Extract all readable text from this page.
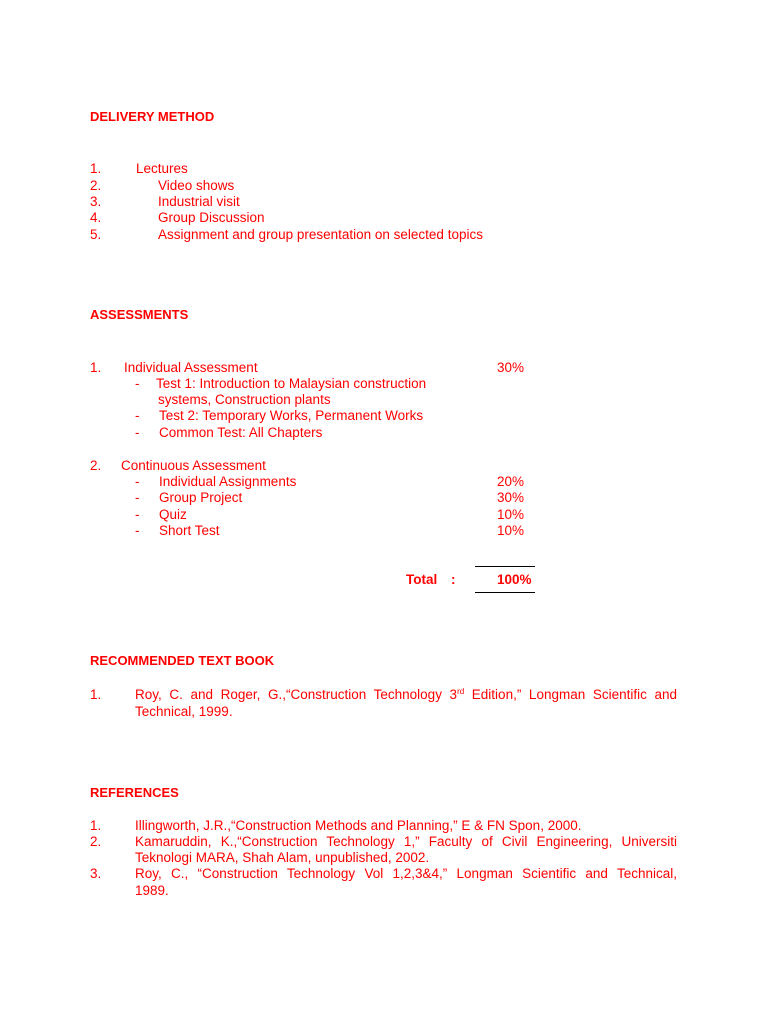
DELIVERY METHOD
1.	Lectures
2.	Video shows
3.	Industrial visit
4.	Group Discussion
5.	Assignment and group presentation on selected topics
ASSESSMENTS
1. Individual Assessment	30%
- Test 1: Introduction to Malaysian construction
systems, Construction plants
- Test 2: Temporary Works, Permanent Works
- Common Test: All Chapters
2. Continuous Assessment
- Individual Assignments	20%
- Group Project	30%
- Quiz	10%
- Short Test	10%
Total :	100%
RECOMMENDED TEXT BOOK
1. Roy, C. and Roger, G.,“Construction Technology 3rd Edition,” Longman Scientific and
Technical, 1999.
REFERENCES
1. Illingworth, J.R.,“Construction Methods and Planning,” E & FN Spon, 2000.
2. Kamaruddin, K.,“Construction Technology 1,” Faculty of Civil Engineering, Universiti
Teknologi MARA, Shah Alam, unpublished, 2002.
3. Roy, C., “Construction Technology Vol 1,2,3&4,” Longman Scientific and Technical,
1989.
